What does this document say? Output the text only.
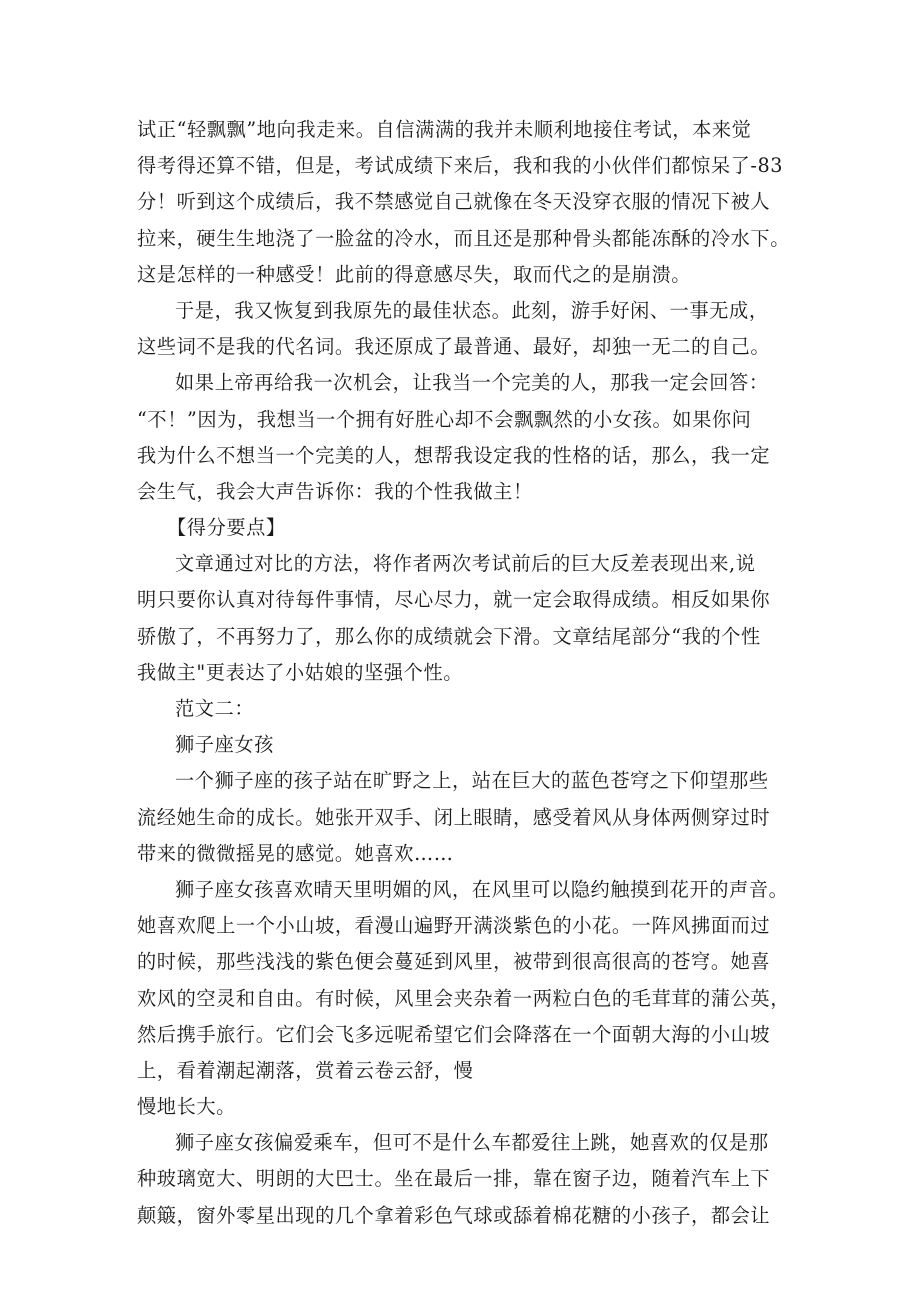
试正“轻飘飘”地向我走来。自信满满的我并未顺利地接住考试，本来觉
得考得还算不错，但是，考试成绩下来后，我和我的小伙伴们都惊呆了-83
分！听到这个成绩后，我不禁感觉自己就像在冬天没穿衣服的情况下被人
拉来，硬生生地浇了一脸盆的冷水，而且还是那种骨头都能冻酥的冷水下。
这是怎样的一种感受！此前的得意感尽失，取而代之的是崩溃。
于是，我又恢复到我原先的最佳状态。此刻，游手好闲、一事无成，
这些词不是我的代名词。我还原成了最普通、最好，却独一无二的自己。
如果上帝再给我一次机会，让我当一个完美的人，那我一定会回答：
“不！”因为，我想当一个拥有好胜心却不会飘飘然的小女孩。如果你问
我为什么不想当一个完美的人，想帮我设定我的性格的话，那么，我一定
会生气，我会大声告诉你：我的个性我做主！
【得分要点】
文章通过对比的方法，将作者两次考试前后的巨大反差表现出来,说
明只要你认真对待每件事情，尽心尽力，就一定会取得成绩。相反如果你
骄傲了，不再努力了，那么你的成绩就会下滑。文章结尾部分“我的个性
我做主"更表达了小姑娘的坚强个性。
范文二：
狮子座女孩
一个狮子座的孩子站在旷野之上，站在巨大的蓝色苍穹之下仰望那些
流经她生命的成长。她张开双手、闭上眼睛，感受着风从身体两侧穿过时
带来的微微摇晃的感觉。她喜欢……
狮子座女孩喜欢晴天里明媚的风，在风里可以隐约触摸到花开的声音。
她喜欢爬上一个小山坡，看漫山遍野开满淡紫色的小花。一阵风拂面而过
的时候，那些浅浅的紫色便会蔓延到风里，被带到很高很高的苍穹。她喜
欢风的空灵和自由。有时候，风里会夹杂着一两粒白色的毛茸茸的蒲公英，
然后携手旅行。它们会飞多远呢希望它们会降落在一个面朝大海的小山坡
上，看着潮起潮落，赏着云卷云舒，慢
慢地长大。
狮子座女孩偏爱乘车，但可不是什么车都爱往上跳，她喜欢的仅是那
种玻璃宽大、明朗的大巴士。坐在最后一排，靠在窗子边，随着汽车上下
颠簸，窗外零星出现的几个拿着彩色气球或舔着棉花糖的小孩子，都会让
